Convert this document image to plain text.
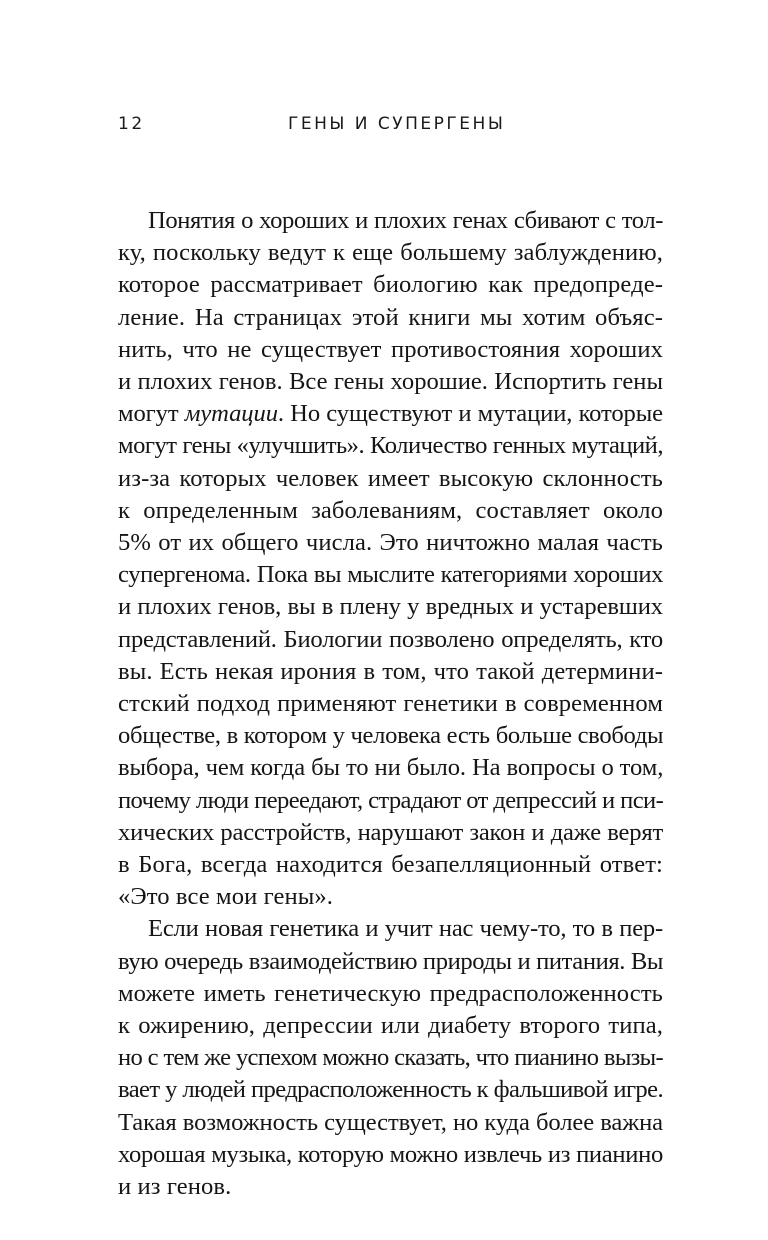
12	ГЕНЫ И СУПЕРГЕНЫ
Понятия о хороших и плохих генах сбивают с тол-
ку, поскольку ведут к еще большему заблуждению,
которое рассматривает биологию как предопреде-
ление. На страницах этой книги мы хотим объяс-
нить, что не существует противостояния хороших
и плохих генов. Все гены хорошие. Испортить гены
могут мутации. Но существуют и мутации, которые
могут гены «улучшить». Количество генных мутаций,
из-за которых человек имеет высокую склонность
к определенным заболеваниям, составляет около
5% от их общего числа. Это ничтожно малая часть
супергенома. Пока вы мыслите категориями хороших
и плохих генов, вы в плену у вредных и устаревших
представлений. Биологии позволено определять, кто
вы. Есть некая ирония в том, что такой детермини-
стский подход применяют генетики в современном
обществе, в котором у человека есть больше свободы
выбора, чем когда бы то ни было. На вопросы о том,
почему люди переедают, страдают от депрессий и пси-
хических расстройств, нарушают закон и даже верят
в Бога, всегда находится безапелляционный ответ:
«Это все мои гены».
Если новая генетика и учит нас чему-то, то в пер-
вую очередь взаимодействию природы и питания. Вы
можете иметь генетическую предрасположенность
к ожирению, депрессии или диабету второго типа,
но с тем же успехом можно сказать, что пианино вызы-
вает у людей предрасположенность к фальшивой игре.
Такая возможность существует, но куда более важна
хорошая музыка, которую можно извлечь из пианино
и из генов.
